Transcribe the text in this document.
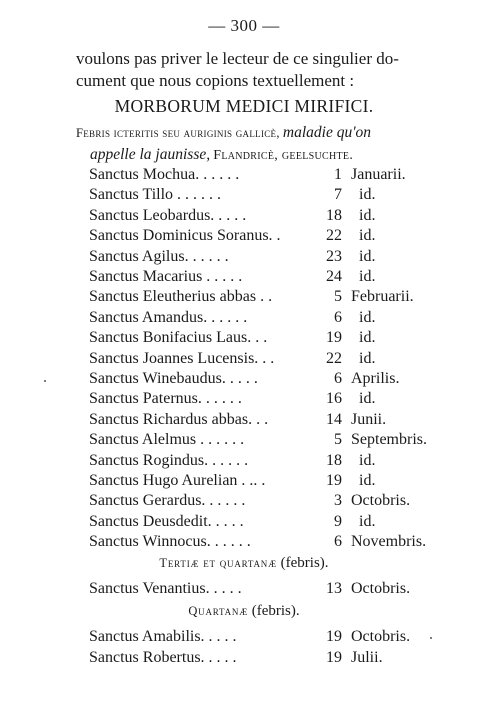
— 300 —
voulons pas priver le lecteur de ce singulier do-
cument que nous copions textuellement :
MORBORUM MEDICI MIRIFICI.
Febris icteritis seu auriginis gallicè, maladie qu'on
appelle la jaunisse, Flandricè, geelsuchte.
Sanctus Mochua. . . . . .	1 Januarii.
Sanctus Tillo . . . . . .	7 id.
Sanctus Leobardus. . . . .	18 id.
Sanctus Dominicus Soranus. .	22 id.
Sanctus Agilus. . . . . .	23 id.
Sanctus Macarius . . . . .	24 id.
Sanctus Eleutherius abbas . .	5 Februarii.
Sanctus Amandus. . . . . .	6 id.
Sanctus Bonifacius Laus. . .	19 id.
Sanctus Joannes Lucensis. . .	22 id.
Sanctus Winebaudus. . . . .	6 Aprilis.
Sanctus Paternus. . . . . .	16 id.
Sanctus Richardus abbas. . .	14 Junii.
Sanctus Alelmus . . . . . .	5 Septembris.
Sanctus Rogindus. . . . . .	18 id.
Sanctus Hugo Aurelian . .. .	19 id.
Sanctus Gerardus. . . . . .	3 Octobris.
Sanctus Deusdedit. . . . .	9 id.
Sanctus Winnocus. . . . . .	6 Novembris.
Tertiæ et quartanæ (febris).
Sanctus Venantius. . . . .	13 Octobris.
Quartanæ (febris).
Sanctus Amabilis. . . . .	19 Octobris.
Sanctus Robertus. . . . .	19 Julii.
